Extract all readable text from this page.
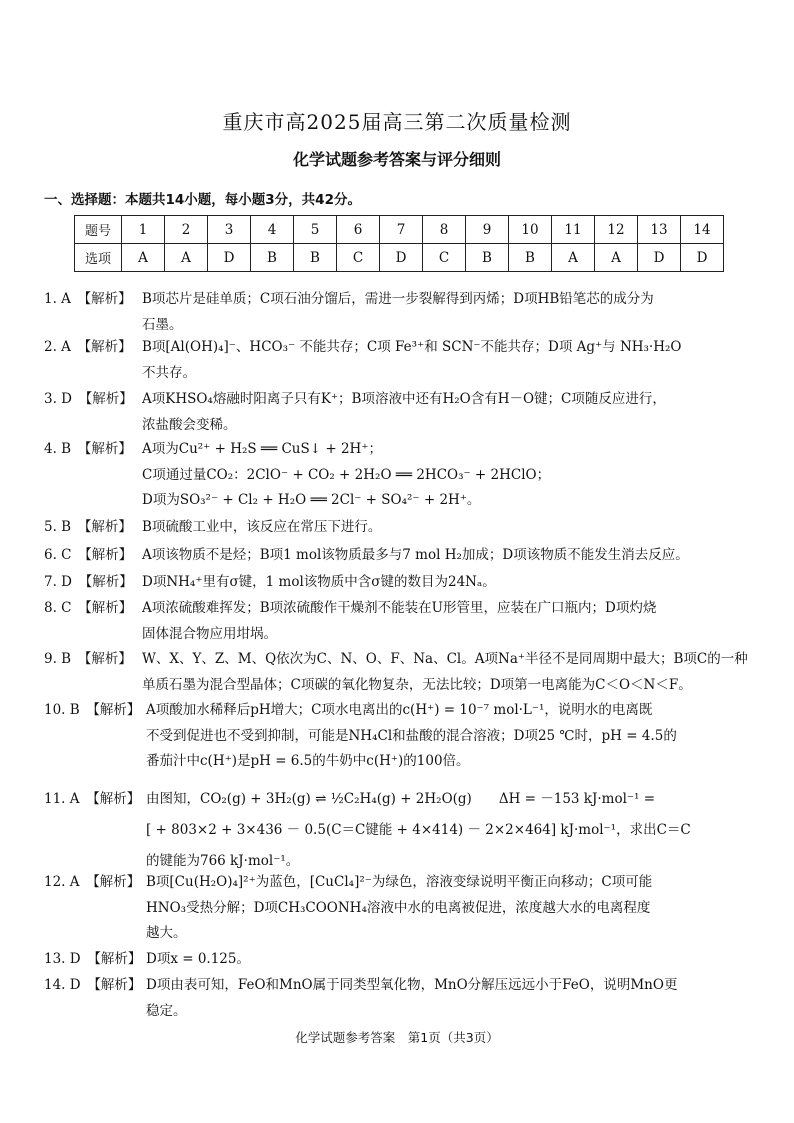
重庆市高2025届高三第二次质量检测
化学试题参考答案与评分细则
一、选择题：本题共14小题，每小题3分，共42分。
题号	1	2	3	4	5	6	7	8	9	10	11	12	13	14
选项	A	A	D	B	B	C	D	C	B	B	A	A	D	D
1. A　【解析】 B项芯片是硅单质；C项石油分馏后，需进一步裂解得到丙烯；D项HB铅笔芯的成分为
石墨。
2. A　【解析】 B项[Al(OH)₄]⁻、HCO₃⁻ 不能共存；C项 Fe³⁺和 SCN⁻不能共存；D项 Ag⁺与 NH₃·H₂O
不共存。
3. D　【解析】 A项KHSO₄熔融时阳离子只有K⁺；B项溶液中还有H₂O含有H－O键；C项随反应进行，
浓盐酸会变稀。
4. B　【解析】 A项为Cu²⁺ + H₂S ══ CuS↓ + 2H⁺；
C项通过量CO₂：2ClO⁻ + CO₂ + 2H₂O ══ 2HCO₃⁻ + 2HClO；
D项为SO₃²⁻ + Cl₂ + H₂O ══ 2Cl⁻ + SO₄²⁻ + 2H⁺。
5. B　【解析】 B项硫酸工业中，该反应在常压下进行。
6. C　【解析】 A项该物质不是烃；B项1 mol该物质最多与7 mol H₂加成；D项该物质不能发生消去反应。
7. D　【解析】 D项NH₄⁺里有σ键，1 mol该物质中含σ键的数目为24Nₐ。
8. C　【解析】 A项浓硫酸难挥发；B项浓硫酸作干燥剂不能装在U形管里，应装在广口瓶内；D项灼烧
固体混合物应用坩埚。
9. B　【解析】 W、X、Y、Z、M、Q依次为C、N、O、F、Na、Cl。A项Na⁺半径不是同周期中最大；B项C的一种
单质石墨为混合型晶体；C项碳的氧化物复杂，无法比较；D项第一电离能为C＜O＜N＜F。
10. B　【解析】 A项酸加水稀释后pH增大；C项水电离出的c(H⁺) = 10⁻⁷ mol·L⁻¹，说明水的电离既
不受到促进也不受到抑制，可能是NH₄Cl和盐酸的混合溶液；D项25 ℃时，pH = 4.5的
番茄汁中c(H⁺)是pH = 6.5的牛奶中c(H⁺)的100倍。
11. A　【解析】 由图知，CO₂(g) + 3H₂(g) ⇌ ½C₂H₄(g) + 2H₂O(g)　　ΔH = －153 kJ·mol⁻¹ =
[ + 803×2 + 3×436 － 0.5(C＝C键能 + 4×414) － 2×2×464] kJ·mol⁻¹，求出C＝C
的键能为766 kJ·mol⁻¹。
12. A　【解析】 B项[Cu(H₂O)₄]²⁺为蓝色，[CuCl₄]²⁻为绿色，溶液变绿说明平衡正向移动；C项可能
HNO₃受热分解；D项CH₃COONH₄溶液中水的电离被促进，浓度越大水的电离程度
越大。
13. D　【解析】 D项x = 0.125。
14. D　【解析】 D项由表可知，FeO和MnO属于同类型氧化物，MnO分解压远远小于FeO，说明MnO更
稳定。
化学试题参考答案　第1页（共3页）
